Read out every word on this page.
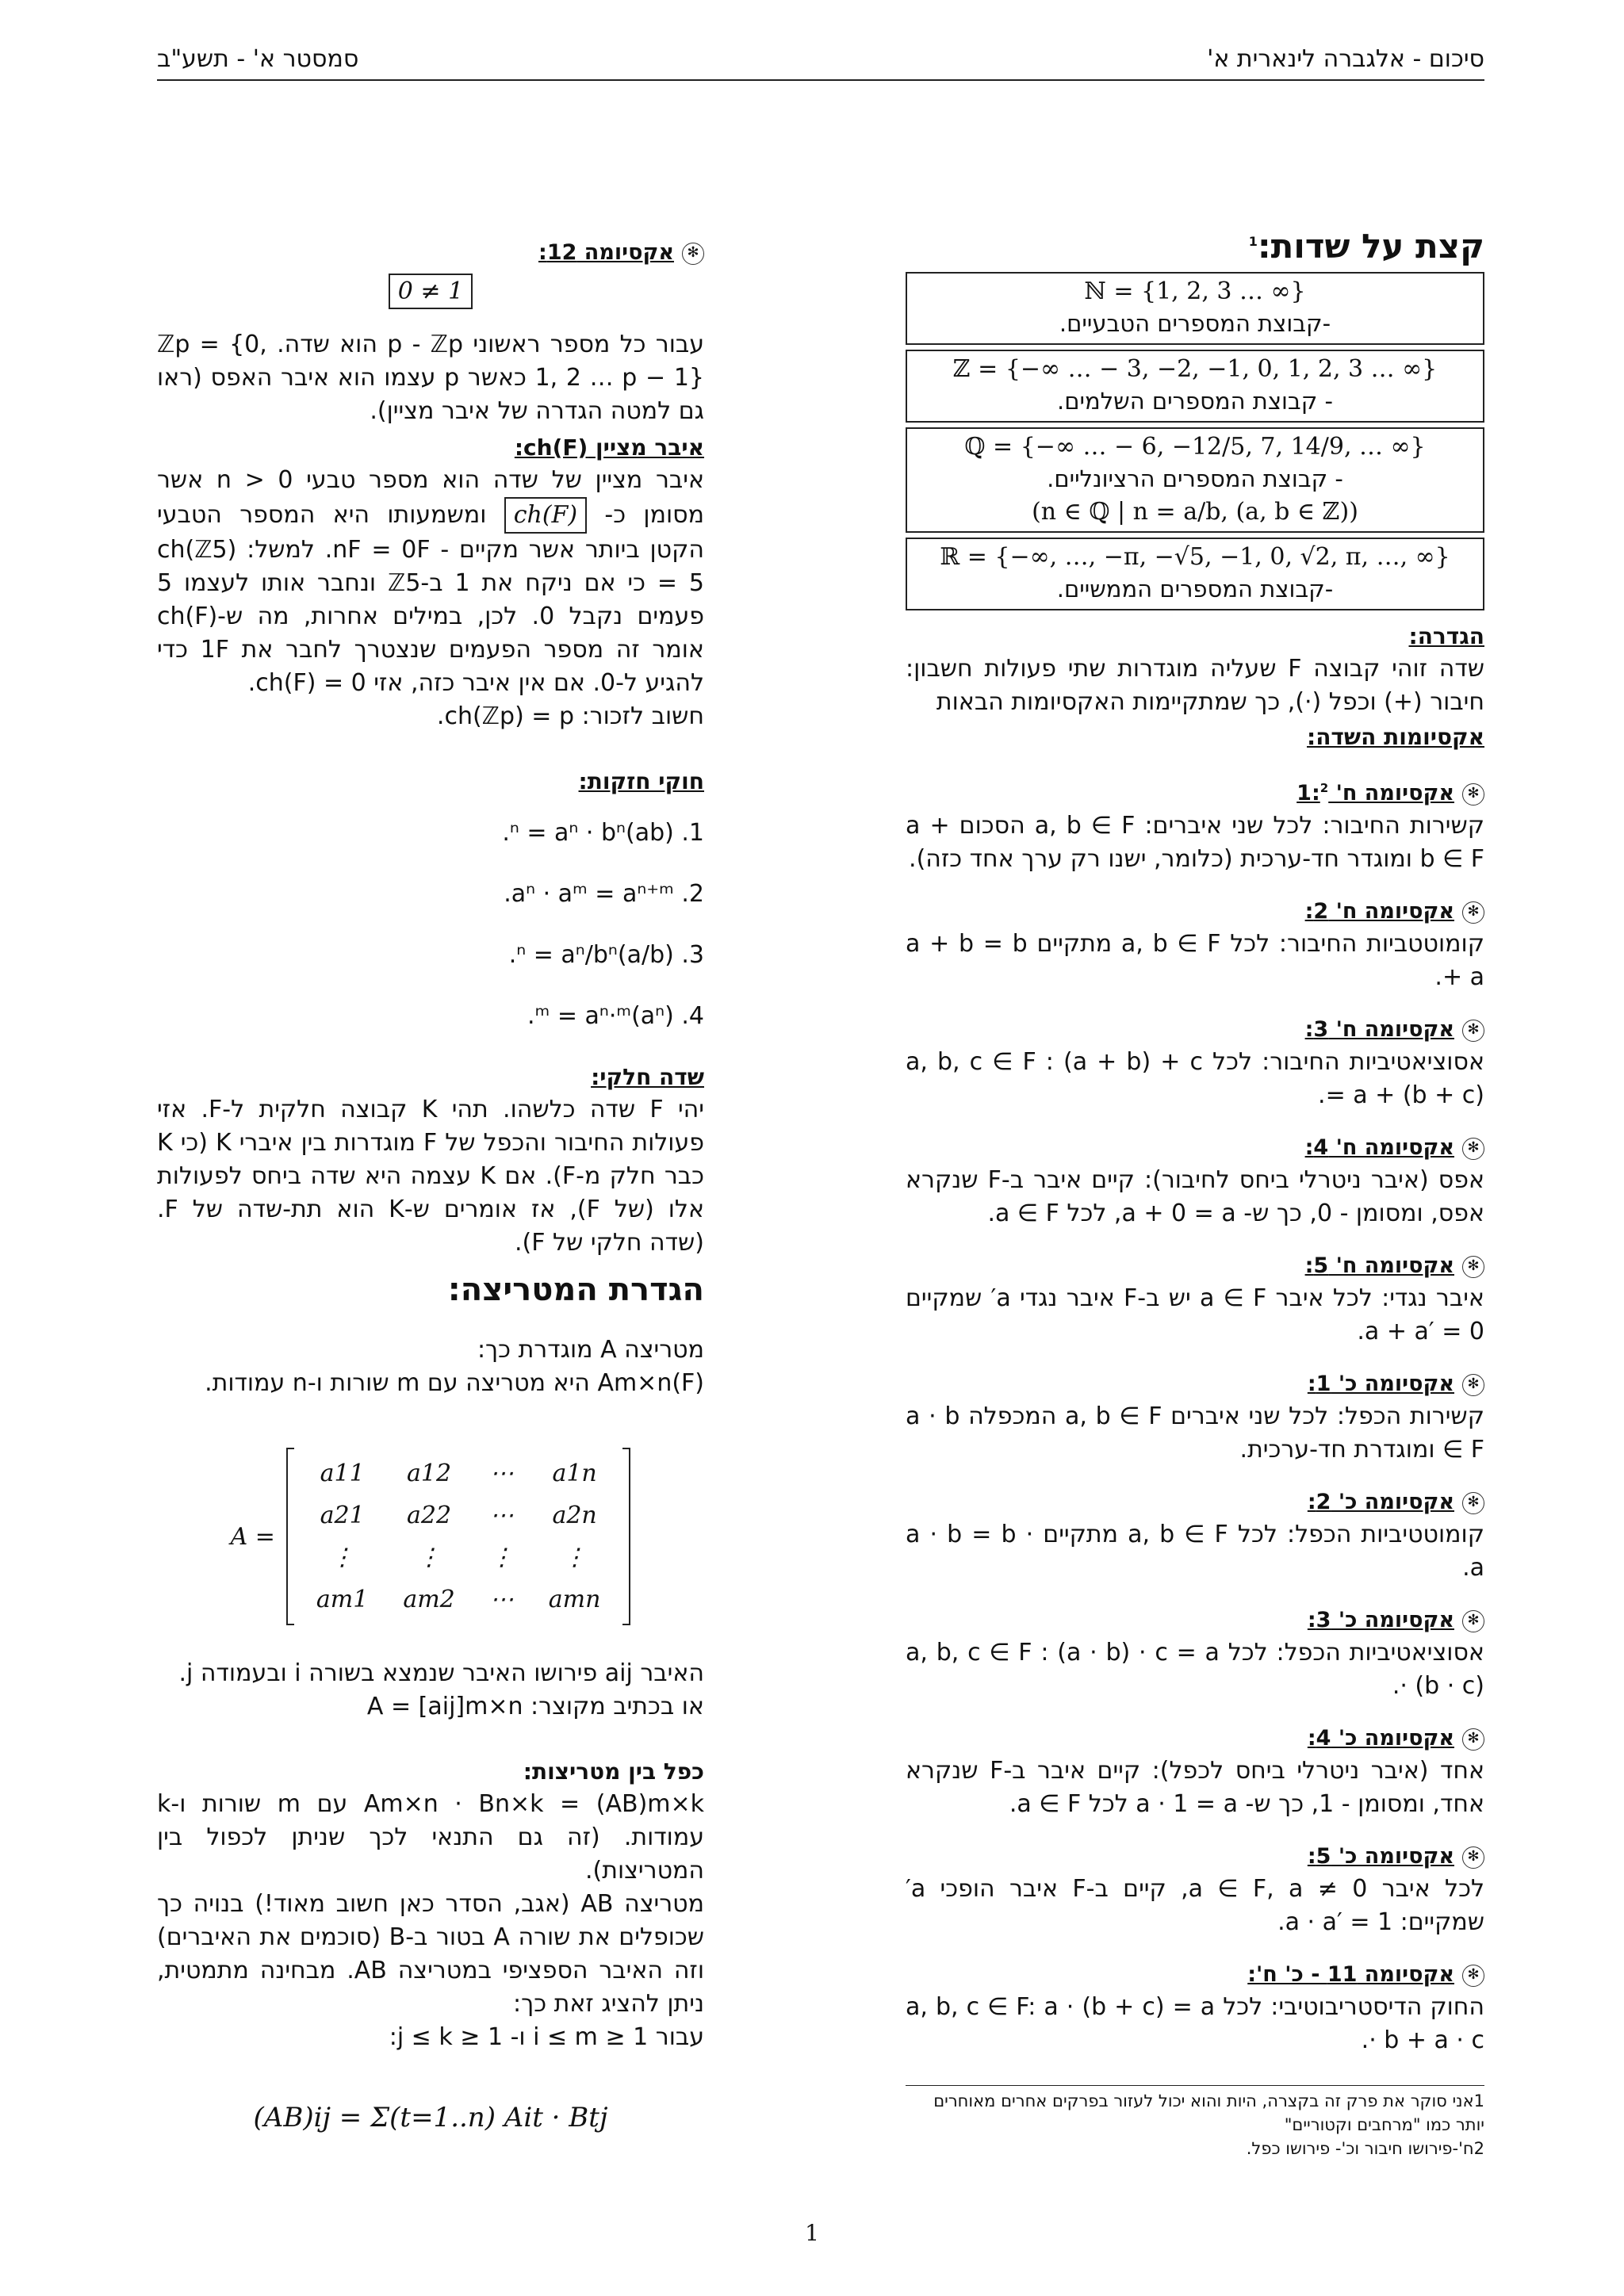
סיכום - אלגברה לינארית א'
סמסטר א' - תשע"ב
קצת על שדות:$^1$
ℕ = {1, 2, 3 … ∞}
-קבוצת המספרים הטבעיים.
ℤ = {−∞ … − 3, −2, −1, 0, 1, 2, 3 … ∞}
- קבוצת המספרים השלמים.
ℚ = {−∞ … − 6, −12/5, 7, 14/9, … ∞}
- קבוצת המספרים הרציונליים.
(n ∈ ℚ | n = a/b, (a, b ∈ ℤ))
ℝ = {−∞, …, −π, −√5, −1, 0, √2, π, …, ∞}
-קבוצת המספרים הממשיים.
הגדרה:
שדה זוהי קבוצה F שעליה מוגדרות שתי פעולות חשבון: חיבור (+) וכפל (·), כך שמתקיימות האקסיומות הבאות
אקסיומות השדה:
✻אקסיומה ח' 1:$^2$
קשירות החיבור: לכל שני איברים: a, b ∈ F הסכום a + b ∈ F ומוגדר חד-ערכית (כלומר, ישנו רק ערך אחד כזה).
✻אקסיומה ח' 2:
קומוטטביות החיבור: לכל a, b ∈ F מתקיים a + b = b + a.
✻אקסיומה ח' 3:
אסוציאטיביות החיבור: לכל a, b, c ∈ F : (a + b) + c = a + (b + c).
✻אקסיומה ח' 4:
אפס (איבר ניטרלי ביחס לחיבור): קיים איבר ב-F שנקרא אפס, ומסומן - 0, כך ש- a + 0 = a, לכל a ∈ F.
✻אקסיומה ח' 5:
איבר נגדי: לכל איבר a ∈ F יש ב-F איבר נגדי a′ שמקיים a + a′ = 0.
✻אקסיומה כ' 1:
קשירות הכפל: לכל שני איברים a, b ∈ F המכפלה a · b ∈ F ומוגדרת חד-ערכית.
✻אקסיומה כ' 2:
קומוטטיביות הכפל: לכל a, b ∈ F מתקיים a · b = b · a.
✻אקסיומה כ' 3:
אסוציאטיביות הכפל: לכל a, b, c ∈ F : (a · b) · c = a · (b · c).
✻אקסיומה כ' 4:
אחד (איבר ניטרלי ביחס לכפל): קיים איבר ב-F שנקרא אחד, ומסומן - 1, כך ש- a · 1 = a לכל a ∈ F.
✻אקסיומה כ' 5:
לכל איבר a ∈ F, a ≠ 0, קיים ב-F איבר הופכי a′ שמקיים: a · a′ = 1.
✻אקסיומה 11 - כ' ח':
החוק הדיסטריבוטיבי: לכל a, b, c ∈ F: a · (b + c) = a · b + a · c.
✻אקסיומה 12:
0 ≠ 1
עבור כל מספר ראשוני p - ℤp הוא שדה. ℤp = {0, 1, 2 … p − 1} כאשר p עצמו הוא איבר האפס (ראו גם למטה הגדרה של איבר מציין).
איבר מציין ch(F):
איבר מציין של שדה הוא מספר טבעי n > 0 אשר מסומן כ- ch(F) ומשמעותו היא המספר הטבעי הקטן ביותר אשר מקיים - nF = 0F. למשל: ch(ℤ5) = 5 כי אם ניקח את 1 ב-ℤ5 ונחבר אותו לעצמו 5 פעמים נקבל 0. לכן, במילים אחרות, מה ש-ch(F) אומר זה מספר הפעמים שנצטרך לחבר את 1F כדי להגיע ל-0. אם אין איבר כזה, אזי ch(F) = 0.
חשוב לזכור: ch(ℤp) = p.
חוקי חזקות:
1. (ab)ⁿ = aⁿ · bⁿ.
2. aⁿ · aᵐ = aⁿ⁺ᵐ.
3. (a/b)ⁿ = aⁿ/bⁿ.
4. (aⁿ)ᵐ = aⁿ·ᵐ.
שדה חלקי:
יהי F שדה כלשהו. תהי K קבוצה חלקית ל-F. אזי פעולות החיבור והכפל של F מוגדרות בין איברי K (כי K כבר חלק מ-F). אם K עצמה היא שדה ביחס לפעולות אלו (של F), אז אומרים ש-K הוא תת-שדה של F. (שדה חלקי של F).
הגדרת המטריצה:
מטריצה A מוגדרת כך:
Am×n(F) היא מטריצה עם m שורות ו-n עמודות.
A =
a11	a12	⋯	a1n
a21	a22	⋯	a2n
⋮	⋮	⋮	⋮
am1	am2	⋯	amn
האיבר aij פירושו האיבר שנמצא בשורה i ובעמודה j.
או בכתיב מקוצר: A = [aij]m×n
כפל בין מטריצות:
Am×n · Bn×k = (AB)m×k עם m שורות ו-k עמודות. (זה גם התנאי לכך שניתן לכפול בין המטריצות).
מטריצה AB (אגב, הסדר כאן חשוב מאוד!) בנויה כך שכופלים את שורה A בטור ב-B (סוכמים את האיברים) וזה האיבר הספציפי במטריצה AB. מבחינה מתמטית, ניתן להציג זאת כך:
עבור 1 ≤ i ≤ m ו- 1 ≤ j ≤ k:
(AB)ij = Σ(t=1..n) Ait · Btj
1אני סוקר את פרק זה בקצרה, היות והוא יכול לעזור בפרקים אחרים מאוחרים יותר כמו "מרחבים וקטוריים"
2ח'-פירושו חיבור וכ'- פירושו כפל.
1
